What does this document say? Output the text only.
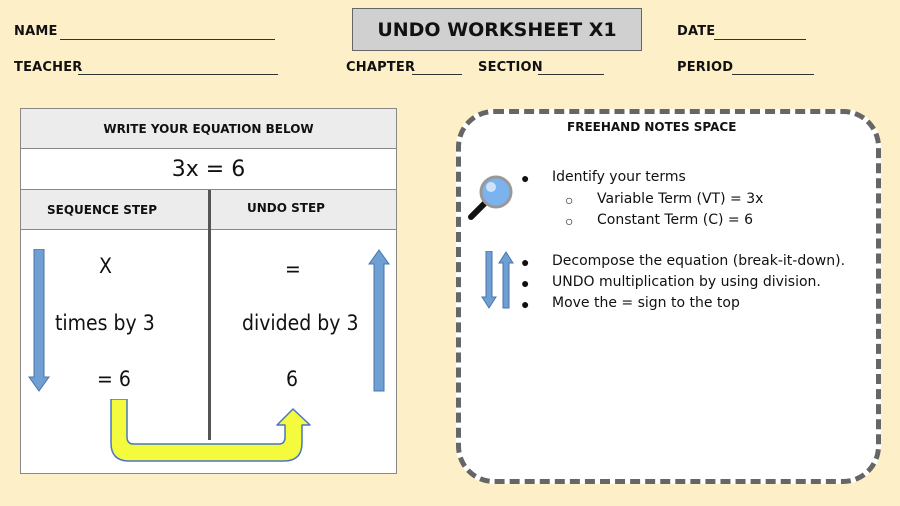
NAME
TEACHER
UNDO WORKSHEET X1
CHAPTER	SECTION
DATE
PERIOD
WRITE YOUR EQUATION BELOW
3x = 6
SEQUENCE STEP	UNDO STEP
X
times by 3
= 6
=
divided by 3
6
FREEHAND NOTES SPACE
● Identify your terms
○ Variable Term (VT) = 3x
○ Constant Term (C) = 6
● Decompose the equation (break-it-down).
● UNDO multiplication by using division.
● Move the = sign to the top
